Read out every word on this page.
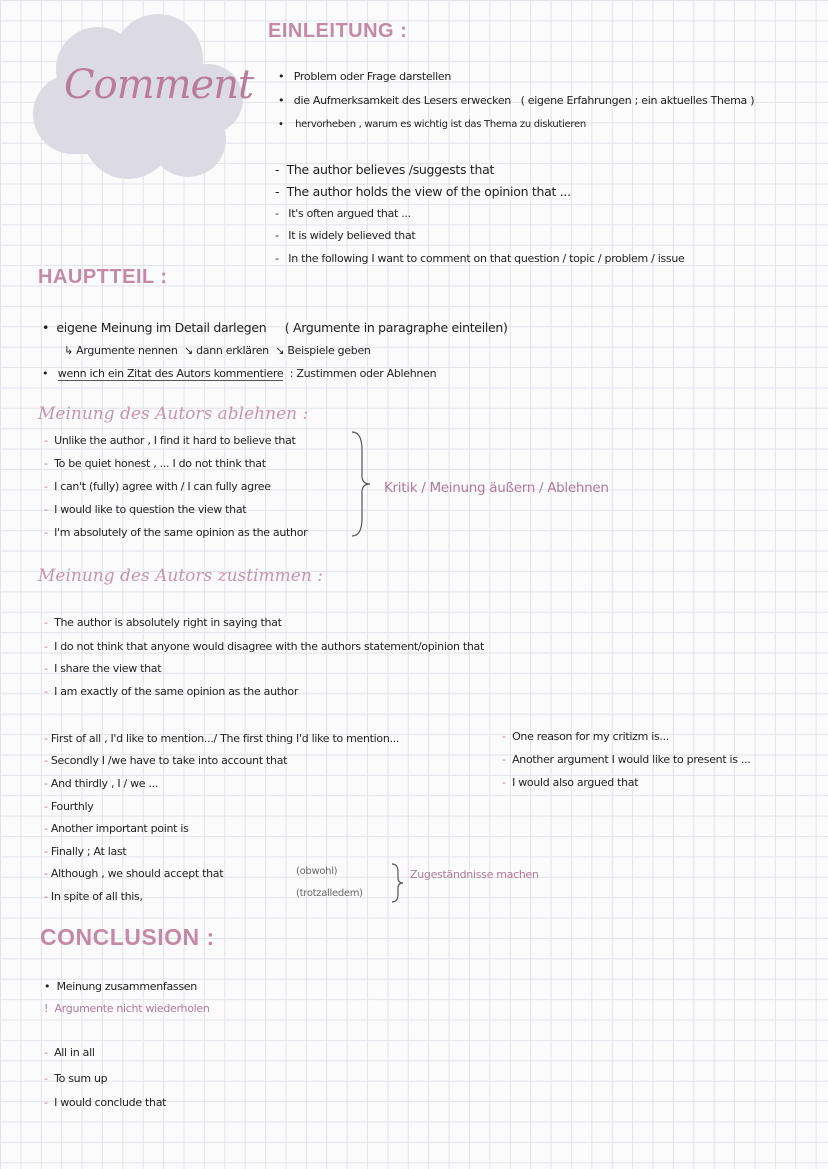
Comment
EINLEITUNG :
•   Problem oder Frage darstellen
•   die Aufmerksamkeit des Lesers erwecken ( eigene Erfahrungen ; ein aktuelles Thema )
•    hervorheben , warum es wichtig ist das Thema zu diskutieren
-  The author believes /suggests that
-  The author holds the view of the opinion that ...
-   It's often argued that ...
-   It is widely believed that
-   In the following I want to comment on that question / topic / problem / issue
HAUPTTEIL :
•  eigene Meinung im Detail darlegen ( Argumente in paragraphe einteilen)
↳ Argumente nennen ↘ dann erklären ↘ Beispiele geben
•   wenn ich ein Zitat des Autors kommentiere : Zustimmen oder Ablehnen
Meinung des Autors ablehnen :
- Unlike the author , I find it hard to believe that
- To be quiet honest , ... I do not think that
- I can't (fully) agree with / I can fully agree
- I would like to question the view that
- I'm absolutely of the same opinion as the author
Kritik / Meinung äußern / Ablehnen
Meinung des Autors zustimmen :
- The author is absolutely right in saying that
- I do not think that anyone would disagree with the authors statement/opinion that
- I share the view that
- I am exactly of the same opinion as the author
- First of all , I'd like to mention.../ The first thing I'd like to mention...
- Secondly I /we have to take into account that
- And thirdly , I / we ...
- Fourthly
- Another important point is
- Finally ; At last
- Although , we should accept that
- In spite of all this,
(obwohl)
(trotzalledem)
Zugeständnisse machen
- One reason for my critizm is...
- Another argument I would like to present is ...
- I would also argued that
CONCLUSION :
•  Meinung zusammenfassen
! Argumente nicht wiederholen
- All in all
- To sum up
- I would conclude that
